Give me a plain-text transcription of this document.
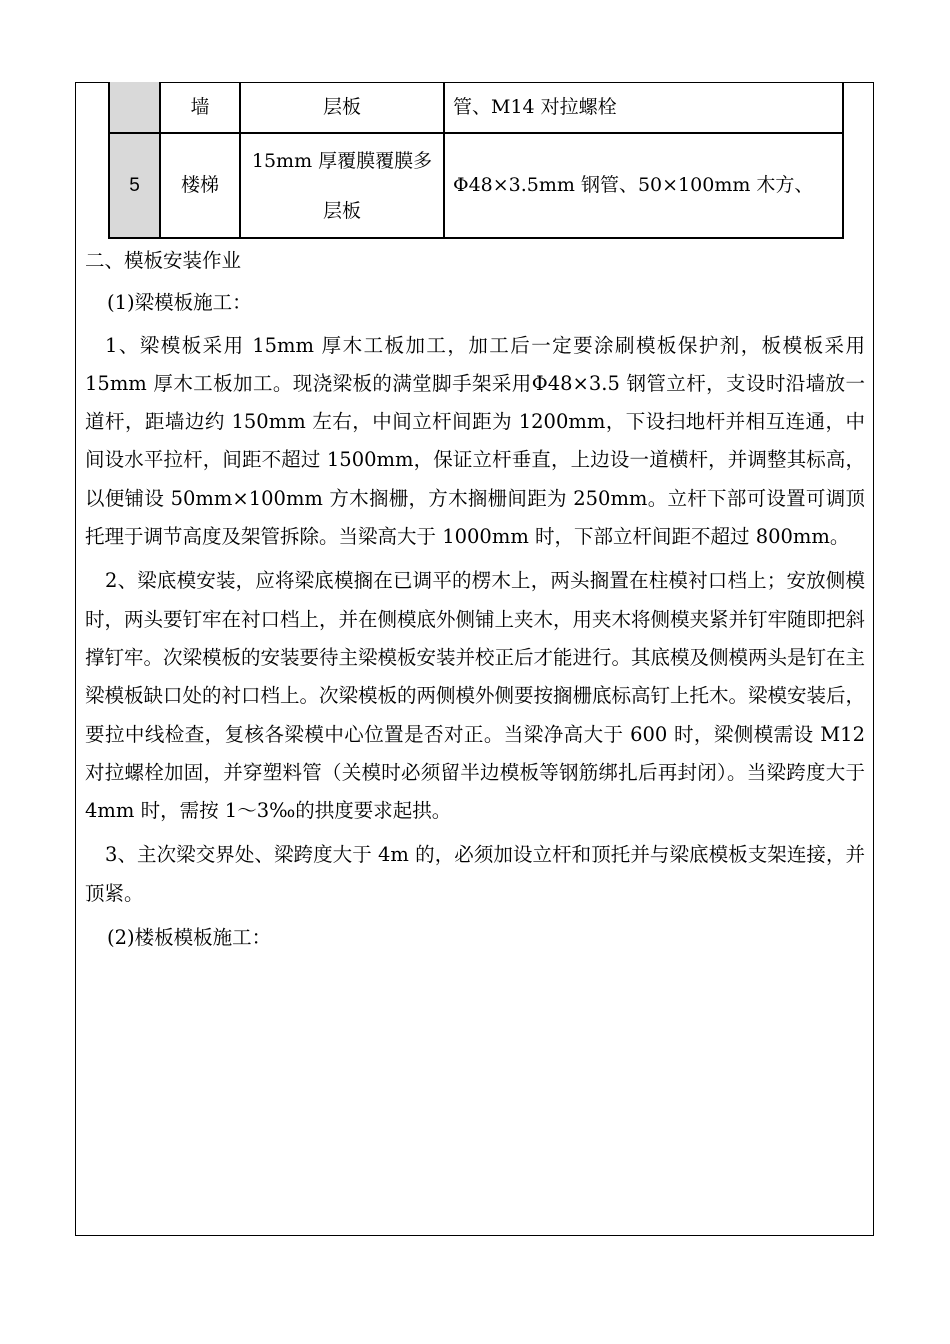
	墙	层板	管、M14 对拉螺栓
5	楼梯	15mm 厚覆膜覆膜多层板	Φ48×3.5mm 钢管、50×100mm 木方、

二、模板安装作业

(1)梁模板施工：

1、梁模板采用 15mm 厚木工板加工，加工后一定要涂刷模板保护剂，板模板采用 15mm 厚木工板加工。现浇梁板的满堂脚手架采用Φ48×3.5 钢管立杆，支设时沿墙放一道杆，距墙边约 150mm 左右，中间立杆间距为 1200mm，下设扫地杆并相互连通，中间设水平拉杆，间距不超过 1500mm，保证立杆垂直，上边设一道横杆，并调整其标高，以便铺设 50mm×100mm 方木搁栅，方木搁栅间距为 250mm。立杆下部可设置可调顶托理于调节高度及架管拆除。当梁高大于 1000mm 时，下部立杆间距不超过 800mm。

2、梁底模安装，应将梁底模搁在已调平的楞木上，两头搁置在柱模衬口档上；安放侧模时，两头要钉牢在衬口档上，并在侧模底外侧铺上夹木，用夹木将侧模夹紧并钉牢随即把斜撑钉牢。次梁模板的安装要待主梁模板安装并校正后才能进行。其底模及侧模两头是钉在主梁模板缺口处的衬口档上。次梁模板的两侧模外侧要按搁栅底标高钉上托木。梁模安装后，要拉中线检查，复核各梁模中心位置是否对正。当梁净高大于 600 时，梁侧模需设 M12 对拉螺栓加固，并穿塑料管（关模时必须留半边模板等钢筋绑扎后再封闭）。当梁跨度大于 4mm 时，需按 1～3‰的拱度要求起拱。

3、主次梁交界处、梁跨度大于 4m 的，必须加设立杆和顶托并与梁底模板支架连接，并顶紧。

(2)楼板模板施工：
